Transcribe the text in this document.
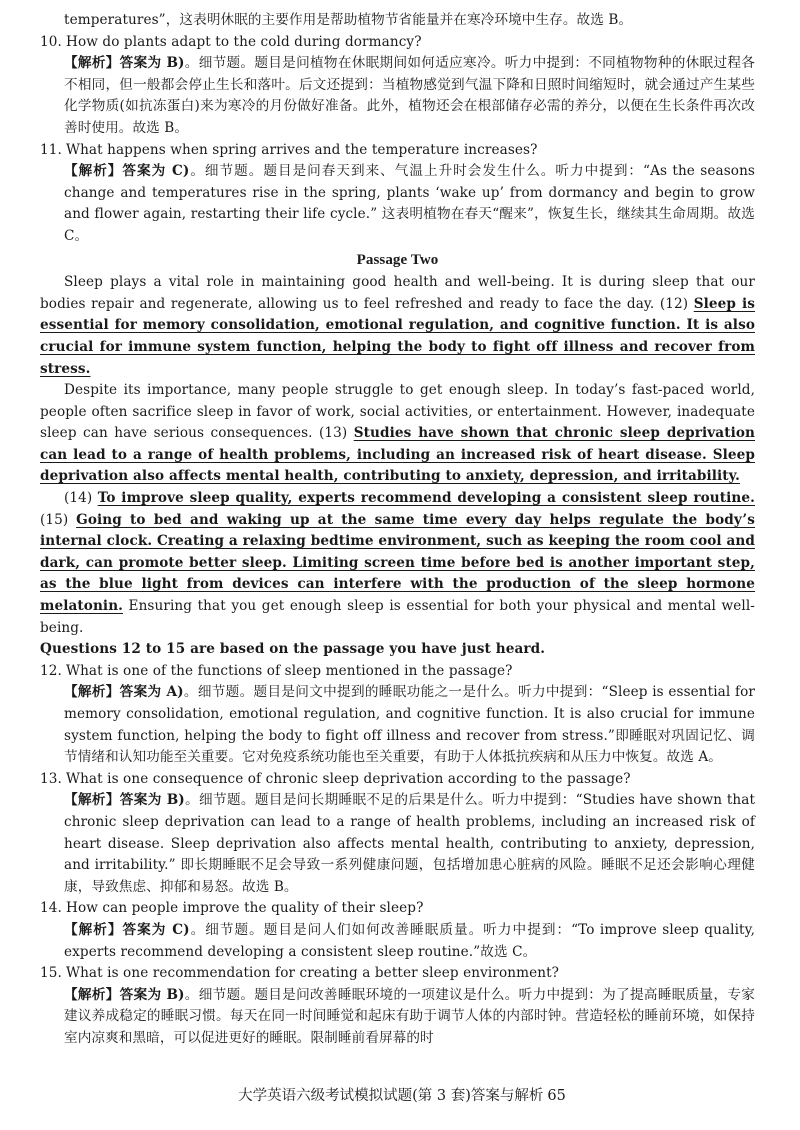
temperatures”，这表明休眠的主要作用是帮助植物节省能量并在寒冷环境中生存。故选 B。

10. How do plants adapt to the cold during dormancy?

【解析】答案为 B)。细节题。题目是问植物在休眠期间如何适应寒冷。听力中提到：不同植物物种的休眠过程各不相同，但一般都会停止生长和落叶。后文还提到：当植物感觉到气温下降和日照时间缩短时，就会通过产生某些化学物质(如抗冻蛋白)来为寒冷的月份做好准备。此外，植物还会在根部储存必需的养分，以便在生长条件再次改善时使用。故选 B。

11. What happens when spring arrives and the temperature increases?

【解析】答案为 C)。细节题。题目是问春天到来、气温上升时会发生什么。听力中提到：“As the seasons change and temperatures rise in the spring, plants ‘wake up’ from dormancy and begin to grow and flower again, restarting their life cycle.” 这表明植物在春天“醒来”，恢复生长，继续其生命周期。故选 C。

Passage Two

Sleep plays a vital role in maintaining good health and well-being. It is during sleep that our bodies repair and regenerate, allowing us to feel refreshed and ready to face the day. (12) Sleep is essential for memory consolidation, emotional regulation, and cognitive function. It is also crucial for immune system function, helping the body to fight off illness and recover from stress.

Despite its importance, many people struggle to get enough sleep. In today’s fast-paced world, people often sacrifice sleep in favor of work, social activities, or entertainment. However, inadequate sleep can have serious consequences. (13) Studies have shown that chronic sleep deprivation can lead to a range of health problems, including an increased risk of heart disease. Sleep deprivation also affects mental health, contributing to anxiety, depression, and irritability.

(14) To improve sleep quality, experts recommend developing a consistent sleep routine. (15) Going to bed and waking up at the same time every day helps regulate the body’s internal clock. Creating a relaxing bedtime environment, such as keeping the room cool and dark, can promote better sleep. Limiting screen time before bed is another important step, as the blue light from devices can interfere with the production of the sleep hormone melatonin. Ensuring that you get enough sleep is essential for both your physical and mental well-being.

Questions 12 to 15 are based on the passage you have just heard.

12. What is one of the functions of sleep mentioned in the passage?

【解析】答案为 A)。细节题。题目是问文中提到的睡眠功能之一是什么。听力中提到：“Sleep is essential for memory consolidation, emotional regulation, and cognitive function. It is also crucial for immune system function, helping the body to fight off illness and recover from stress.”即睡眠对巩固记忆、调节情绪和认知功能至关重要。它对免疫系统功能也至关重要，有助于人体抵抗疾病和从压力中恢复。故选 A。

13. What is one consequence of chronic sleep deprivation according to the passage?

【解析】答案为 B)。细节题。题目是问长期睡眠不足的后果是什么。听力中提到：“Studies have shown that chronic sleep deprivation can lead to a range of health problems, including an increased risk of heart disease. Sleep deprivation also affects mental health, contributing to anxiety, depression, and irritability.” 即长期睡眠不足会导致一系列健康问题，包括增加患心脏病的风险。睡眠不足还会影响心理健康，导致焦虑、抑郁和易怒。故选 B。

14. How can people improve the quality of their sleep?

【解析】答案为 C)。细节题。题目是问人们如何改善睡眠质量。听力中提到：“To improve sleep quality, experts recommend developing a consistent sleep routine.”故选 C。

15. What is one recommendation for creating a better sleep environment?

【解析】答案为 B)。细节题。题目是问改善睡眠环境的一项建议是什么。听力中提到：为了提高睡眠质量，专家建议养成稳定的睡眠习惯。每天在同一时间睡觉和起床有助于调节人体的内部时钟。营造轻松的睡前环境，如保持室内凉爽和黑暗，可以促进更好的睡眠。限制睡前看屏幕的时

大学英语六级考试模拟试题(第 3 套)答案与解析 65
